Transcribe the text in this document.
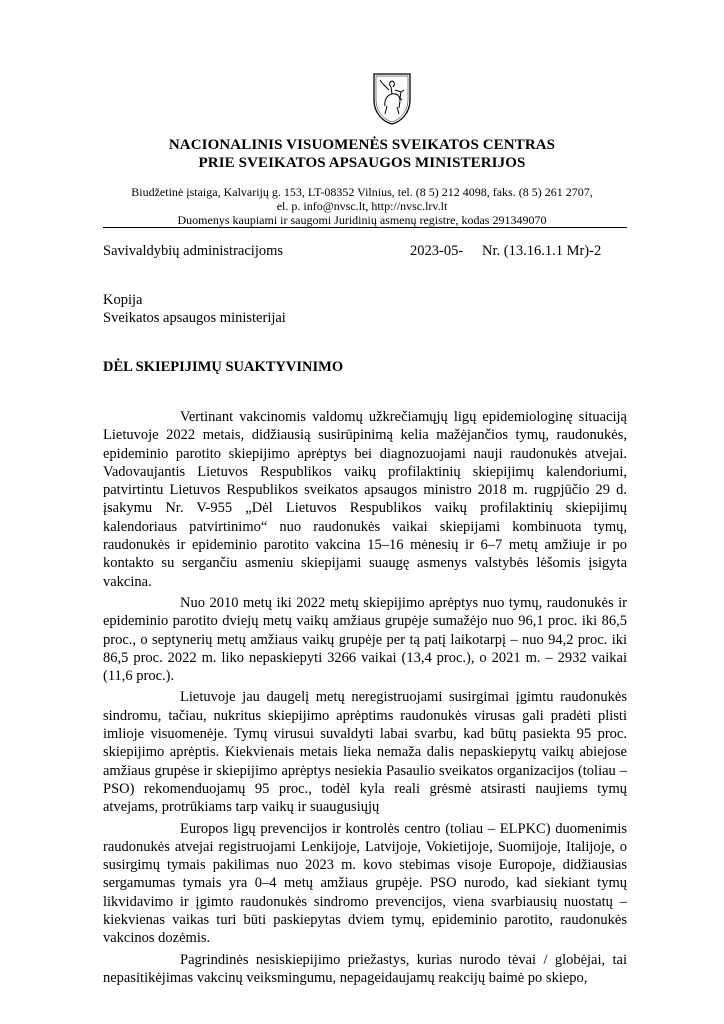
NACIONALINIS VISUOMENĖS SVEIKATOS CENTRAS
PRIE SVEIKATOS APSAUGOS MINISTERIJOS
Biudžetinė įstaiga, Kalvarijų g. 153, LT-08352 Vilnius, tel. (8 5) 212 4098, faks. (8 5) 261 2707,
el. p. info@nvsc.lt, http://nvsc.lrv.lt
Duomenys kaupiami ir saugomi Juridinių asmenų registre, kodas 291349070
Savivaldybių administracijoms	2023-05- Nr. (13.16.1.1 Mr)-2
Kopija
Sveikatos apsaugos ministerijai
DĖL SKIEPIJIMŲ SUAKTYVINIMO

Vertinant vakcinomis valdomų užkrečiamųjų ligų epidemiologinę situaciją Lietuvoje 2022 metais, didžiausią susirūpinimą kelia mažėjančios tymų, raudonukės, epideminio parotito skiepijimo aprėptys bei diagnozuojami nauji raudonukės atvejai. Vadovaujantis Lietuvos Respublikos vaikų profilaktinių skiepijimų kalendoriumi, patvirtintu Lietuvos Respublikos sveikatos apsaugos ministro 2018 m. rugpjūčio 29 d. įsakymu Nr. V-955 „Dėl Lietuvos Respublikos vaikų profilaktinių skiepijimų kalendoriaus patvirtinimo“ nuo raudonukės vaikai skiepijami kombinuota tymų, raudonukės ir epideminio parotito vakcina 15–16 mėnesių ir 6–7 metų amžiuje ir po kontakto su sergančiu asmeniu skiepijami suaugę asmenys valstybės lėšomis įsigyta vakcina.

Nuo 2010 metų iki 2022 metų skiepijimo aprėptys nuo tymų, raudonukės ir epideminio parotito dviejų metų vaikų amžiaus grupėje sumažėjo nuo 96,1 proc. iki 86,5 proc., o septynerių metų amžiaus vaikų grupėje per tą patį laikotarpį – nuo 94,2 proc. iki 86,5 proc. 2022 m. liko nepaskiepyti 3266 vaikai (13,4 proc.), o 2021 m. – 2932 vaikai (11,6 proc.).

Lietuvoje jau daugelį metų neregistruojami susirgimai įgimtu raudonukės sindromu, tačiau, nukritus skiepijimo aprėptims raudonukės virusas gali pradėti plisti imlioje visuomenėje. Tymų virusui suvaldyti labai svarbu, kad būtų pasiekta 95 proc. skiepijimo aprėptis. Kiekvienais metais lieka nemaža dalis nepaskiepytų vaikų abiejose amžiaus grupėse ir skiepijimo aprėptys nesiekia Pasaulio sveikatos organizacijos (toliau – PSO) rekomenduojamų 95 proc., todėl kyla reali grėsmė atsirasti naujiems tymų atvejams, protrūkiams tarp vaikų ir suaugusiųjų

Europos ligų prevencijos ir kontrolės centro (toliau – ELPKC) duomenimis raudonukės atvejai registruojami Lenkijoje, Latvijoje, Vokietijoje, Suomijoje, Italijoje, o susirgimų tymais pakilimas nuo 2023 m. kovo stebimas visoje Europoje, didžiausias sergamumas tymais yra 0–4 metų amžiaus grupėje. PSO nurodo, kad siekiant tymų likvidavimo ir įgimto raudonukės sindromo prevencijos, viena svarbiausių nuostatų – kiekvienas vaikas turi būti paskiepytas dviem tymų, epideminio parotito, raudonukės vakcinos dozėmis.

Pagrindinės nesiskiepijimo priežastys, kurias nurodo tėvai / globėjai, tai nepasitikėjimas vakcinų veiksmingumu, nepageidaujamų reakcijų baimė po skiepo,
